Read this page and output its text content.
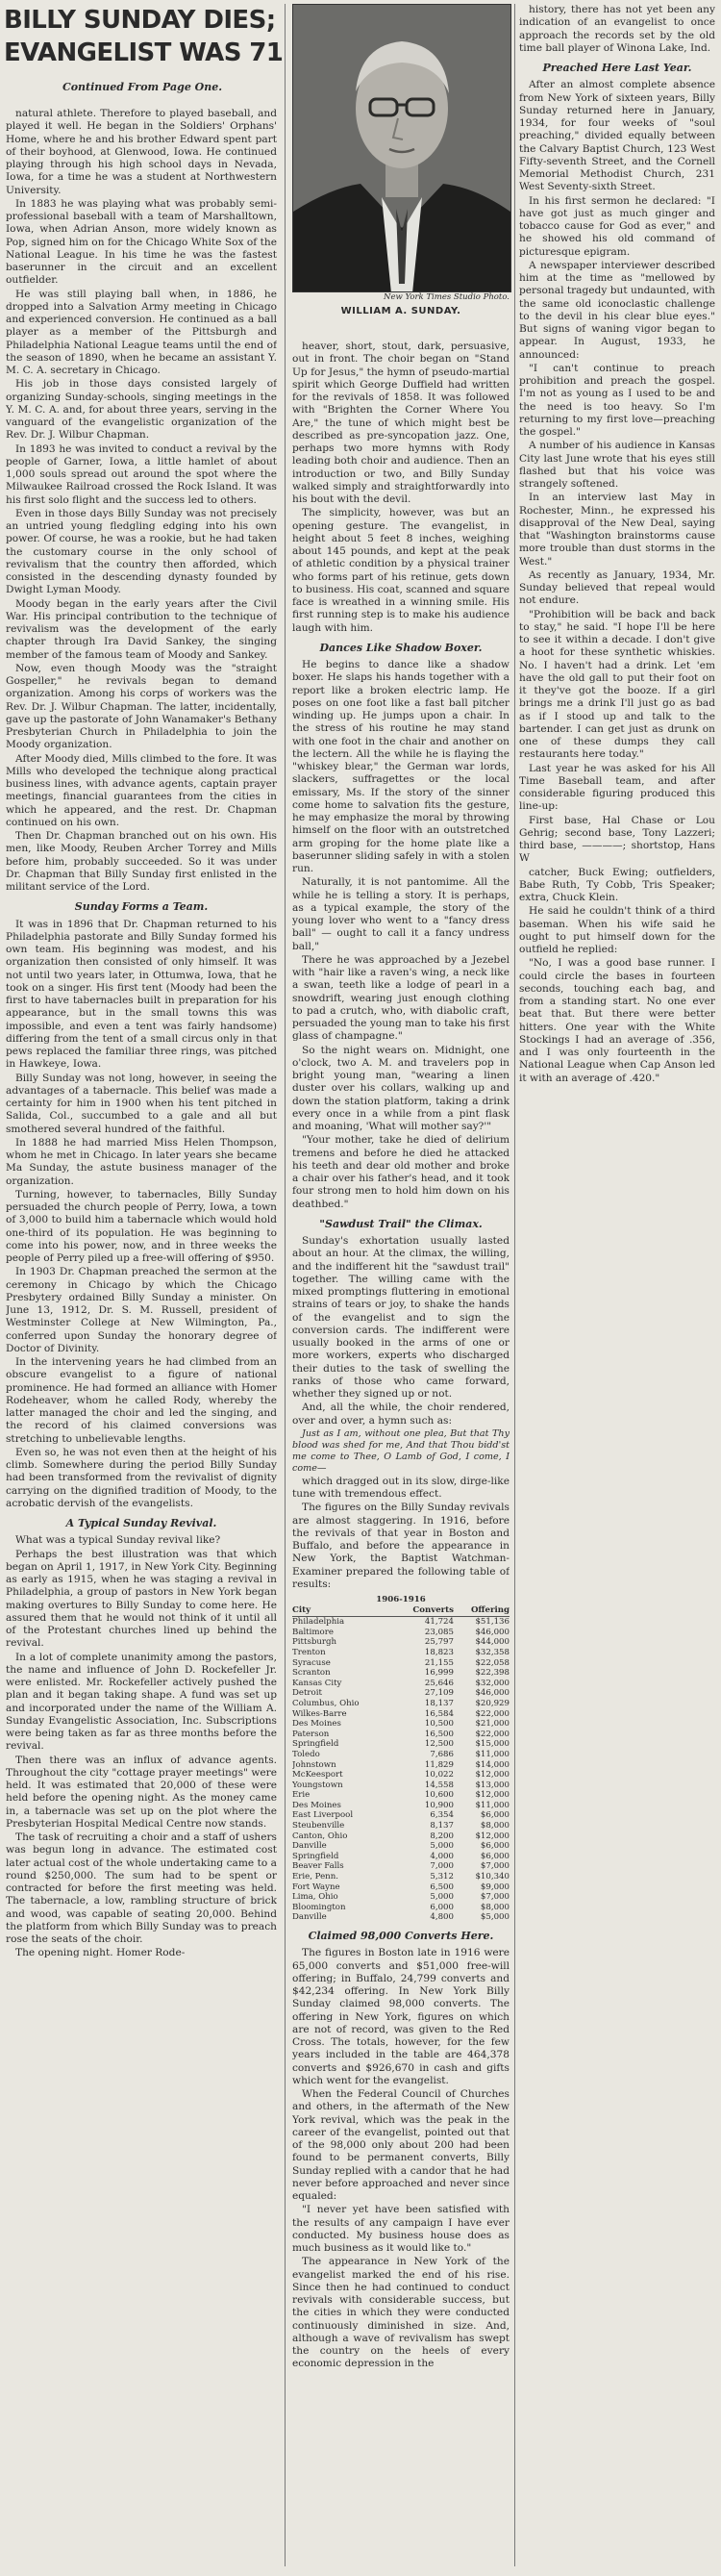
BILLY SUNDAY DIES;
EVANGELIST WAS 71
Continued From Page One.

natural athlete. Therefore to played baseball, and played it well. He began in the Soldiers' Orphans' Home, where he and his brother Edward spent part of their boyhood, at Glenwood, Iowa. He continued playing through his high school days in Nevada, Iowa, for a time he was a student at Northwestern University.

In 1883 he was playing what was probably semi-professional baseball with a team of Marshalltown, Iowa, when Adrian Anson, more widely known as Pop, signed him on for the Chicago White Sox of the National League. In his time he was the fastest baserunner in the circuit and an excellent outfielder.

He was still playing ball when, in 1886, he dropped into a Salvation Army meeting in Chicago and experienced conversion. He continued as a ball player as a member of the Pittsburgh and Philadelphia National League teams until the end of the season of 1890, when he became an assistant Y. M. C. A. secretary in Chicago.

His job in those days consisted largely of organizing Sunday-schools, singing meetings in the Y. M. C. A. and, for about three years, serving in the vanguard of the evangelistic organization of the Rev. Dr. J. Wilbur Chapman.

In 1893 he was invited to conduct a revival by the people of Garner, Iowa, a little hamlet of about 1,000 souls spread out around the spot where the Milwaukee Railroad crossed the Rock Island. It was his first solo flight and the success led to others.

Even in those days Billy Sunday was not precisely an untried young fledgling edging into his own power. Of course, he was a rookie, but he had taken the customary course in the only school of revivalism that the country then afforded, which consisted in the descending dynasty founded by Dwight Lyman Moody.

Moody began in the early years after the Civil War. His principal contribution to the technique of revivalism was the development of the early chapter through Ira David Sankey, the singing member of the famous team of Moody and Sankey.

Now, even though Moody was the "straight Gospeller," he revivals began to demand organization. Among his corps of workers was the Rev. Dr. J. Wilbur Chapman. The latter, incidentally, gave up the pastorate of John Wanamaker's Bethany Presbyterian Church in Philadelphia to join the Moody organization.

After Moody died, Mills climbed to the fore. It was Mills who developed the technique along practical business lines, with advance agents, captain prayer meetings, financial guarantees from the cities in which he appeared, and the rest. Dr. Chapman continued on his own.

Then Dr. Chapman branched out on his own. His men, like Moody, Reuben Archer Torrey and Mills before him, probably succeeded. So it was under Dr. Chapman that Billy Sunday first enlisted in the militant service of the Lord.

Sunday Forms a Team.

It was in 1896 that Dr. Chapman returned to his Philadelphia pastorate and Billy Sunday formed his own team. His beginning was modest, and his organization then consisted of only himself. It was not until two years later, in Ottumwa, Iowa, that he took on a singer. His first tent (Moody had been the first to have tabernacles built in preparation for his appearance, but in the small towns this was impossible, and even a tent was fairly handsome) differing from the tent of a small circus only in that pews replaced the familiar three rings, was pitched in Hawkeye, Iowa.

Billy Sunday was not long, however, in seeing the advantages of a tabernacle. This belief was made a certainty for him in 1900 when his tent pitched in Salida, Col., succumbed to a gale and all but smothered several hundred of the faithful.

In 1888 he had married Miss Helen Thompson, whom he met in Chicago. In later years she became Ma Sunday, the astute business manager of the organization.

Turning, however, to tabernacles, Billy Sunday persuaded the church people of Perry, Iowa, a town of 3,000 to build him a tabernacle which would hold one-third of its population. He was beginning to come into his power, now, and in three weeks the people of Perry piled up a free-will offering of $950.

In 1903 Dr. Chapman preached the sermon at the ceremony in Chicago by which the Chicago Presbytery ordained Billy Sunday a minister. On June 13, 1912, Dr. S. M. Russell, president of Westminster College at New Wilmington, Pa., conferred upon Sunday the honorary degree of Doctor of Divinity.

In the intervening years he had climbed from an obscure evangelist to a figure of national prominence. He had formed an alliance with Homer Rodeheaver, whom he called Rody, whereby the latter managed the choir and led the singing, and the record of his claimed conversions was stretching to unbelievable lengths.

Even so, he was not even then at the height of his climb. Somewhere during the period Billy Sunday had been transformed from the revivalist of dignity carrying on the dignified tradition of Moody, to the acrobatic dervish of the evangelists.

A Typical Sunday Revival.

What was a typical Sunday revival like?

Perhaps the best illustration was that which began on April 1, 1917, in New York City. Beginning as early as 1915, when he was staging a revival in Philadelphia, a group of pastors in New York began making overtures to Billy Sunday to come here. He assured them that he would not think of it until all of the Protestant churches lined up behind the revival.

In a lot of complete unanimity among the pastors, the name and influence of John D. Rockefeller Jr. were enlisted. Mr. Rockefeller actively pushed the plan and it began taking shape. A fund was set up and incorporated under the name of the William A. Sunday Evangelistic Association, Inc. Subscriptions were being taken as far as three months before the revival.

Then there was an influx of advance agents. Throughout the city "cottage prayer meetings" were held. It was estimated that 20,000 of these were held before the opening night. As the money came in, a tabernacle was set up on the plot where the Presbyterian Hospital Medical Centre now stands.

The task of recruiting a choir and a staff of ushers was begun long in advance. The estimated cost later actual cost of the whole undertaking came to a round $250,000. The sum had to be spent or contracted for before the first meeting was held. The tabernacle, a low, rambling structure of brick and wood, was capable of seating 20,000. Behind the platform from which Billy Sunday was to preach rose the seats of the choir.

The opening night. Homer Rode-

New York Times Studio Photo.
WILLIAM A. SUNDAY.

heaver, short, stout, dark, persuasive, out in front. The choir began on "Stand Up for Jesus," the hymn of pseudo-martial spirit which George Duffield had written for the revivals of 1858. It was followed with "Brighten the Corner Where You Are," the tune of which might best be described as pre-syncopation jazz. One, perhaps two more hymns with Rody leading both choir and audience. Then an introduction or two, and Billy Sunday walked simply and straightforwardly into his bout with the devil.

The simplicity, however, was but an opening gesture. The evangelist, in height about 5 feet 8 inches, weighing about 145 pounds, and kept at the peak of athletic condition by a physical trainer who forms part of his retinue, gets down to business. His coat, scanned and square face is wreathed in a winning smile. His first running step is to make his audience laugh with him.

Dances Like Shadow Boxer.

He begins to dance like a shadow boxer. He slaps his hands together with a report like a broken electric lamp. He poses on one foot like a fast ball pitcher winding up. He jumps upon a chair. In the stress of his routine he may stand with one foot in the chair and another on the lectern. All the while he is flaying the "whiskey blear," the German war lords, slackers, suffragettes or the local emissary, Ms. If the story of the sinner come home to salvation fits the gesture, he may emphasize the moral by throwing himself on the floor with an outstretched arm groping for the home plate like a baserunner sliding safely in with a stolen run.

Naturally, it is not pantomime. All the while he is telling a story. It is perhaps, as a typical example, the story of the young lover who went to a "fancy dress ball" — ought to call it a fancy undress ball,"

There he was approached by a Jezebel with "hair like a raven's wing, a neck like a swan, teeth like a lodge of pearl in a snowdrift, wearing just enough clothing to pad a crutch, who, with diabolic craft, persuaded the young man to take his first glass of champagne."

So the night wears on. Midnight, one o'clock, two A. M. and travelers pop in bright young man, "wearing a linen duster over his collars, walking up and down the station platform, taking a drink every once in a while from a pint flask and moaning, 'What will mother say?'"

"Your mother, take he died of delirium tremens and before he died he attacked his teeth and dear old mother and broke a chair over his father's head, and it took four strong men to hold him down on his deathbed."

"Sawdust Trail" the Climax.

Sunday's exhortation usually lasted about an hour. At the climax, the willing, and the indifferent hit the "sawdust trail" together. The willing came with the mixed promptings fluttering in emotional strains of tears or joy, to shake the hands of the evangelist and to sign the conversion cards. The indifferent were usually booked in the arms of one or more workers, experts who discharged their duties to the task of swelling the ranks of those who came forward, whether they signed up or not.

And, all the while, the choir rendered, over and over, a hymn such as:

Just as I am, without one plea, But that Thy blood was shed for me, And that Thou bidd'st me come to Thee, O Lamb of God, I come, I come—

which dragged out in its slow, dirge-like tune with tremendous effect.

The figures on the Billy Sunday revivals are almost staggering. In 1916, before the revivals of that year in Boston and Buffalo, and before the appearance in New York, the Baptist Watchman-Examiner prepared the following table of results:

1906-1916
City	Converts	Offering
Philadelphia	41,724	$51,136
Baltimore	23,085	$46,000
Pittsburgh	25,797	$44,000
Trenton	18,823	$32,358
Syracuse	21,155	$22,058
Scranton	16,999	$22,398
Kansas City	25,646	$32,000
Detroit	27,109	$46,000
Columbus, Ohio	18,137	$20,929
Wilkes-Barre	16,584	$22,000
Des Moines	10,500	$21,000
Paterson	16,500	$22,000
Springfield	12,500	$15,000
Toledo	7,686	$11,000
Johnstown	11,829	$14,000
McKeesport	10,022	$12,000
Youngstown	14,558	$13,000
Erie	10,600	$12,000
Des Moines	10,900	$11,000
East Liverpool	6,354	$6,000
Steubenville	8,137	$8,000
Canton, Ohio	8,200	$12,000
Danville	5,000	$6,000
Springfield	4,000	$6,000
Beaver Falls	7,000	$7,000
Erie, Penn.	5,312	$10,340
Fort Wayne	6,500	$9,000
Lima, Ohio	5,000	$7,000
Bloomington	6,000	$8,000
Danville	4,800	$5,000
Claimed 98,000 Converts Here.

The figures in Boston late in 1916 were 65,000 converts and $51,000 free-will offering; in Buffalo, 24,799 converts and $42,234 offering. In New York Billy Sunday claimed 98,000 converts. The offering in New York, figures on which are not of record, was given to the Red Cross. The totals, however, for the few years included in the table are 464,378 converts and $926,670 in cash and gifts which went for the evangelist.

When the Federal Council of Churches and others, in the aftermath of the New York revival, which was the peak in the career of the evangelist, pointed out that of the 98,000 only about 200 had been found to be permanent converts, Billy Sunday replied with a candor that he had never before approached and never since equaled:

"I never yet have been satisfied with the results of any campaign I have ever conducted. My business house does as much business as it would like to."

The appearance in New York of the evangelist marked the end of his rise. Since then he had continued to conduct revivals with considerable success, but the cities in which they were conducted continuously diminished in size. And, although a wave of revivalism has swept the country on the heels of every economic depression in the

history, there has not yet been any indication of an evangelist to once approach the records set by the old time ball player of Winona Lake, Ind.

Preached Here Last Year.

After an almost complete absence from New York of sixteen years, Billy Sunday returned here in January, 1934, for four weeks of "soul preaching," divided equally between the Calvary Baptist Church, 123 West Fifty-seventh Street, and the Cornell Memorial Methodist Church, 231 West Seventy-sixth Street.

In his first sermon he declared: "I have got just as much ginger and tobacco cause for God as ever," and he showed his old command of picturesque epigram.

A newspaper interviewer described him at the time as "mellowed by personal tragedy but undaunted, with the same old iconoclastic challenge to the devil in his clear blue eyes." But signs of waning vigor began to appear. In August, 1933, he announced:

"I can't continue to preach prohibition and preach the gospel. I'm not as young as I used to be and the need is too heavy. So I'm returning to my first love—preaching the gospel."

A number of his audience in Kansas City last June wrote that his eyes still flashed but that his voice was strangely softened.

In an interview last May in Rochester, Minn., he expressed his disapproval of the New Deal, saying that "Washington brainstorms cause more trouble than dust storms in the West."

As recently as January, 1934, Mr. Sunday believed that repeal would not endure.

"Prohibition will be back and back to stay," he said. "I hope I'll be here to see it within a decade. I don't give a hoot for these synthetic whiskies. No. I haven't had a drink. Let 'em have the old gall to put their foot on it they've got the booze. If a girl brings me a drink I'll just go as bad as if I stood up and talk to the bartender. I can get just as drunk on one of these dumps they call restaurants here today."

Last year he was asked for his All Time Baseball team, and after considerable figuring produced this line-up:

First base, Hal Chase or Lou Gehrig; second base, Tony Lazzeri; third base, ————; shortstop, Hans W

catcher, Buck Ewing; outfielders, Babe Ruth, Ty Cobb, Tris Speaker; extra, Chuck Klein.

He said he couldn't think of a third baseman. When his wife said he ought to put himself down for the outfield he replied:

"No, I was a good base runner. I could circle the bases in fourteen seconds, touching each bag, and from a standing start. No one ever beat that. But there were better hitters. One year with the White Stockings I had an average of .356, and I was only fourteenth in the National League when Cap Anson led it with an average of .420."
